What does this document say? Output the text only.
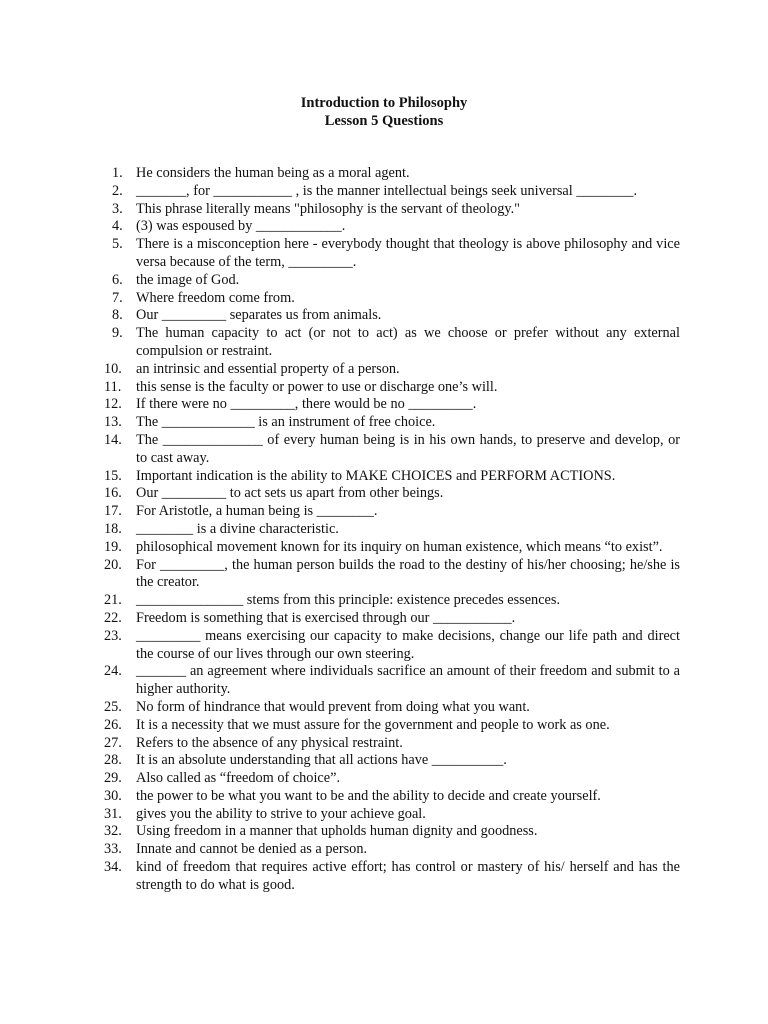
Introduction to Philosophy
Lesson 5 Questions
1. He considers the human being as a moral agent.
2. _______, for ___________ , is the manner intellectual beings seek universal ________.
3. This phrase literally means "philosophy is the servant of theology."
4. (3) was espoused by ____________.
5. There is a misconception here - everybody thought that theology is above philosophy and vice versa because of the term, _________.
6. the image of God.
7. Where freedom come from.
8. Our _________ separates us from animals.
9. The human capacity to act (or not to act) as we choose or prefer without any external compulsion or restraint.
10. an intrinsic and essential property of a person.
11.	this sense is the faculty or power to use or discharge one’s will.
12. If there were no _________, there would be no _________.
13. The _____________ is an instrument of free choice.
14. The ______________ of every human being is in his own hands, to preserve and develop, or to cast away.
15. Important indication is the ability to MAKE CHOICES and PERFORM ACTIONS.
16. Our _________ to act sets us apart from other beings.
17. For Aristotle, a human being is ________.
18. ________ is a divine characteristic.
19. philosophical movement known for its inquiry on human existence, which means “to exist”.
20. For _________, the human person builds the road to the destiny of his/her choosing; he/she is the creator.
21. _______________ stems from this principle: existence precedes essences.
22. Freedom is something that is exercised through our ___________.
23. _________ means exercising our capacity to make decisions, change our life path and direct the course of our lives through our own steering.
24. _______ an agreement where individuals sacrifice an amount of their freedom and submit to a higher authority.
25. No form of hindrance that would prevent from doing what you want.
26. It is a necessity that we must assure for the government and people to work as one.
27. Refers to the absence of any physical restraint.
28. It is an absolute understanding that all actions have __________.
29. Also called as “freedom of choice”.
30. the power to be what you want to be and the ability to decide and create yourself.
31. gives you the ability to strive to your achieve goal.
32. Using freedom in a manner that upholds human dignity and goodness.
33. Innate and cannot be denied as a person.
34. kind of freedom that requires active effort; has control or mastery of his/ herself and has the strength to do what is good.
